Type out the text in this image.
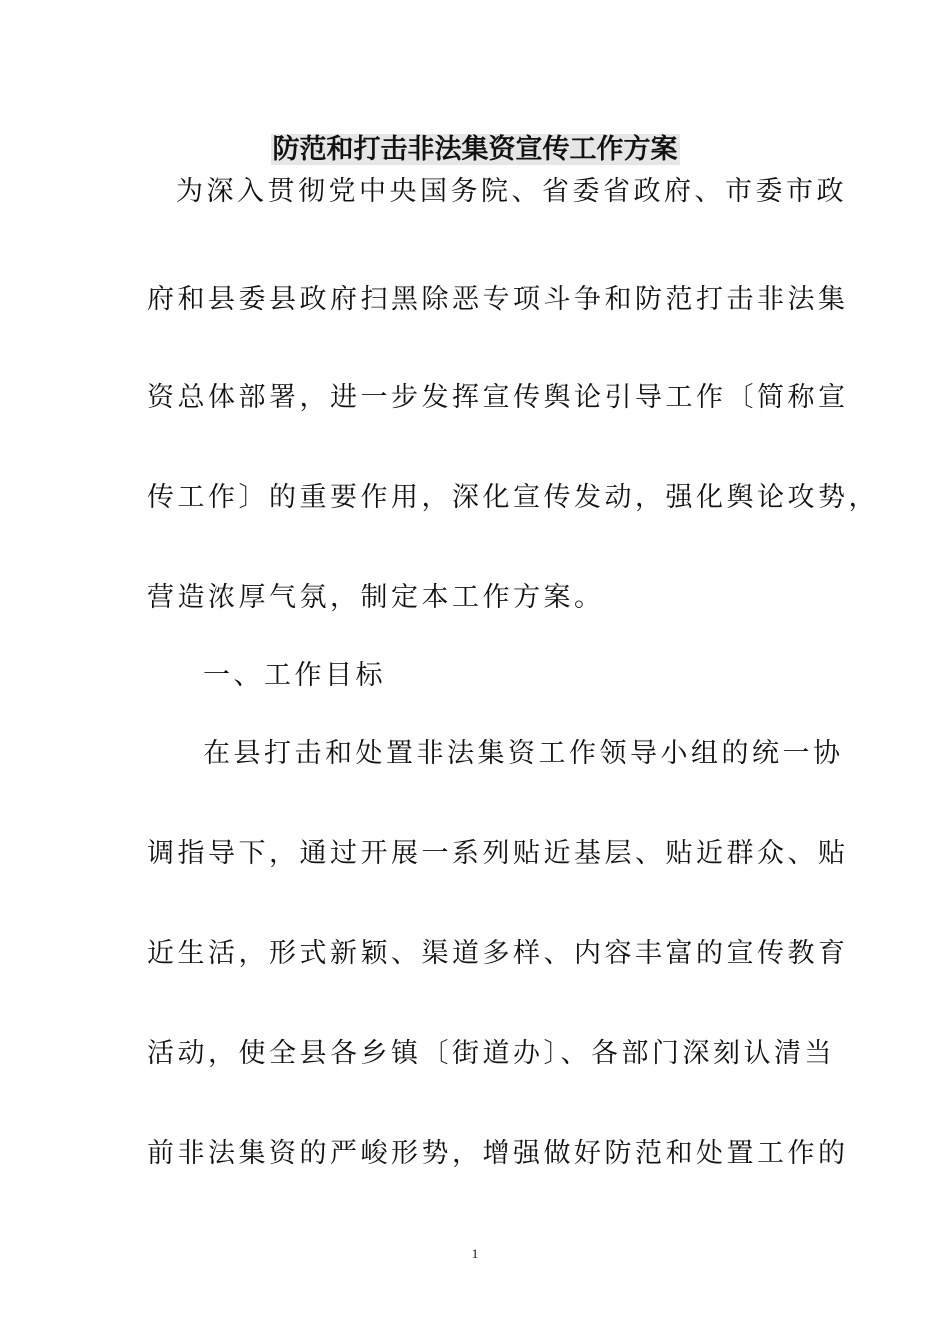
防范和打击非法集资宣传工作方案
为深入贯彻党中央国务院、省委省政府、市委市政
府和县委县政府扫黑除恶专项斗争和防范打击非法集
资总体部署，进一步发挥宣传舆论引导工作〔简称宣
传工作〕的重要作用，深化宣传发动，强化舆论攻势，
营造浓厚气氛，制定本工作方案。
一、工作目标
在县打击和处置非法集资工作领导小组的统一协
调指导下，通过开展一系列贴近基层、贴近群众、贴
近生活，形式新颖、渠道多样、内容丰富的宣传教育
活动，使全县各乡镇〔街道办〕、各部门深刻认清当
前非法集资的严峻形势，增强做好防范和处置工作的
1
